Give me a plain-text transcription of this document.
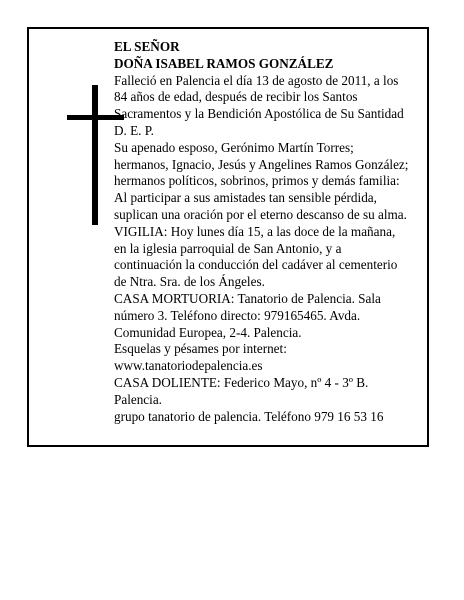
EL SEÑOR
DOÑA ISABEL RAMOS GONZÁLEZ
Falleció en Palencia el día 13 de agosto de 2011, a los
84 años de edad, después de recibir los Santos
Sacramentos y la Bendición Apostólica de Su Santidad
D. E. P.
Su apenado esposo, Gerónimo Martín Torres;
hermanos, Ignacio, Jesús y Angelines Ramos González;
hermanos políticos, sobrinos, primos y demás familia:
Al participar a sus amistades tan sensible pérdida,
suplican una oración por el eterno descanso de su alma.
VIGILIA: Hoy lunes día 15, a las doce de la mañana,
en la iglesia parroquial de San Antonio, y a
continuación la conducción del cadáver al cementerio
de Ntra. Sra. de los Ángeles.
CASA MORTUORIA: Tanatorio de Palencia. Sala
número 3. Teléfono directo: 979165465. Avda.
Comunidad Europea, 2-4. Palencia.
Esquelas y pésames por internet:
www.tanatoriodepalencia.es
CASA DOLIENTE: Federico Mayo, nº 4 - 3º B.
Palencia.
grupo tanatorio de palencia. Teléfono 979 16 53 16
